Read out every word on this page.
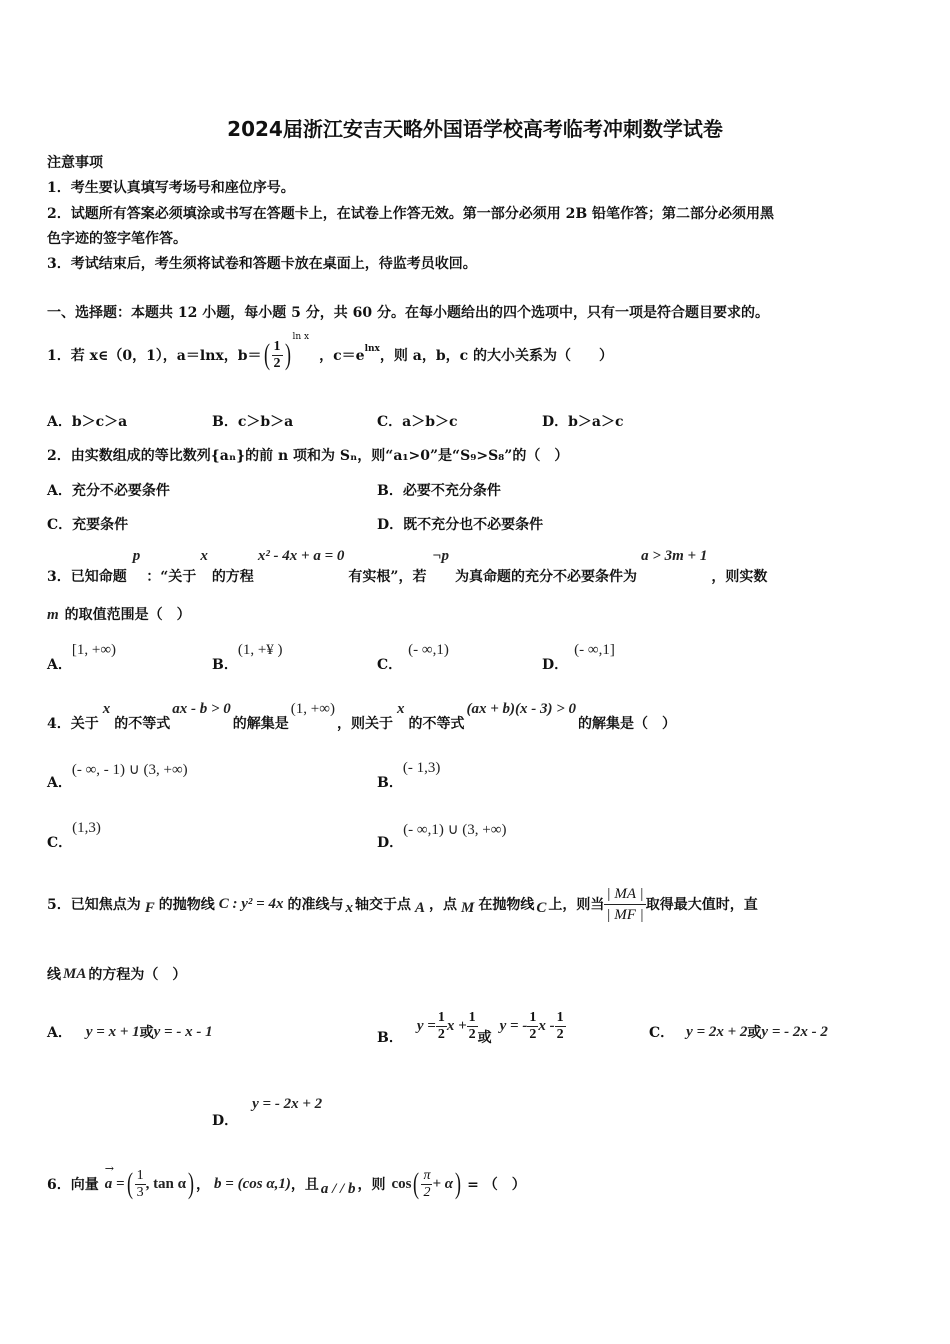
2024届浙江安吉天略外国语学校高考临考冲刺数学试卷
注意事项
1．考生要认真填写考场号和座位序号。
2．试题所有答案必须填涂或书写在答题卡上，在试卷上作答无效。第一部分必须用 2B 铅笔作答；第二部分必须用黑
色字迹的签字笔作答。
3．考试结束后，考生须将试卷和答题卡放在桌面上，待监考员收回。
一、选择题：本题共 12 小题，每小题 5 分，共 60 分。在每小题给出的四个选项中，只有一项是符合题目要求的。
1．若 x∈（0，1），a＝lnx，b＝ ( $\frac{1}{2}$ )
$^{ln x}$
，$c=e^{lnx}$ ，则 a，b，c 的大小关系为（　　）
A．b＞c＞a	B．c＞b＞a	C．a＞b＞c	D．b＞a＞c
2．由实数组成的等比数列{aₙ}的前 n 项和为 Sₙ，则“a₁>0”是“S₉>S₈”的（　）
A．充分不必要条件	B．必要不充分条件
C．充要条件	D．既不充分也不必要条件
3．已知命题
p
：“关于
x
的方程
x² - 4x + a = 0
有实根”，若
¬p
为真命题的充分不必要条件为
a > 3m + 1
，则实数
m 的取值范围是（　）
A．
[1, +∞)
B．
(1, +¥ )
C．
(- ∞,1)
D．
(- ∞,1]
4．关于
x
的不等式
ax - b > 0
的解集是
(1, +∞)
，则关于
x
的不等式
(ax + b)(x - 3) > 0
的解集是（　）
A．
(- ∞, - 1) ∪ (3, +∞)
B．
(- 1,3)
C．
(1,3)
D．
(- ∞,1) ∪ (3, +∞)
5．已知焦点为 F 的抛物线 C : y² = 4x 的准线与 x 轴交于点 A ，点 M 在抛物线 C 上，则当 $\frac{| MA |}{| MF |}$ 取得最大值时，直
线 MA 的方程为（　）
A． y = x + 1 或 y = - x - 1	B．
$y = \frac{1}{2}$ $x + \frac{1}{2}$ 或
y = - $\frac{1}{2}$ x - $\frac{1}{2}$	C． y = 2x + 2 或 y = - 2x - 2
D．
y = - 2x + 2
6．向量
→
a = ( $\frac{1}{3}$ , tan α ) ， b = (cos α,1) ，且 a / / b ，则 cos ( $\frac{\pi}{2} + \alpha$ ) = （　）
